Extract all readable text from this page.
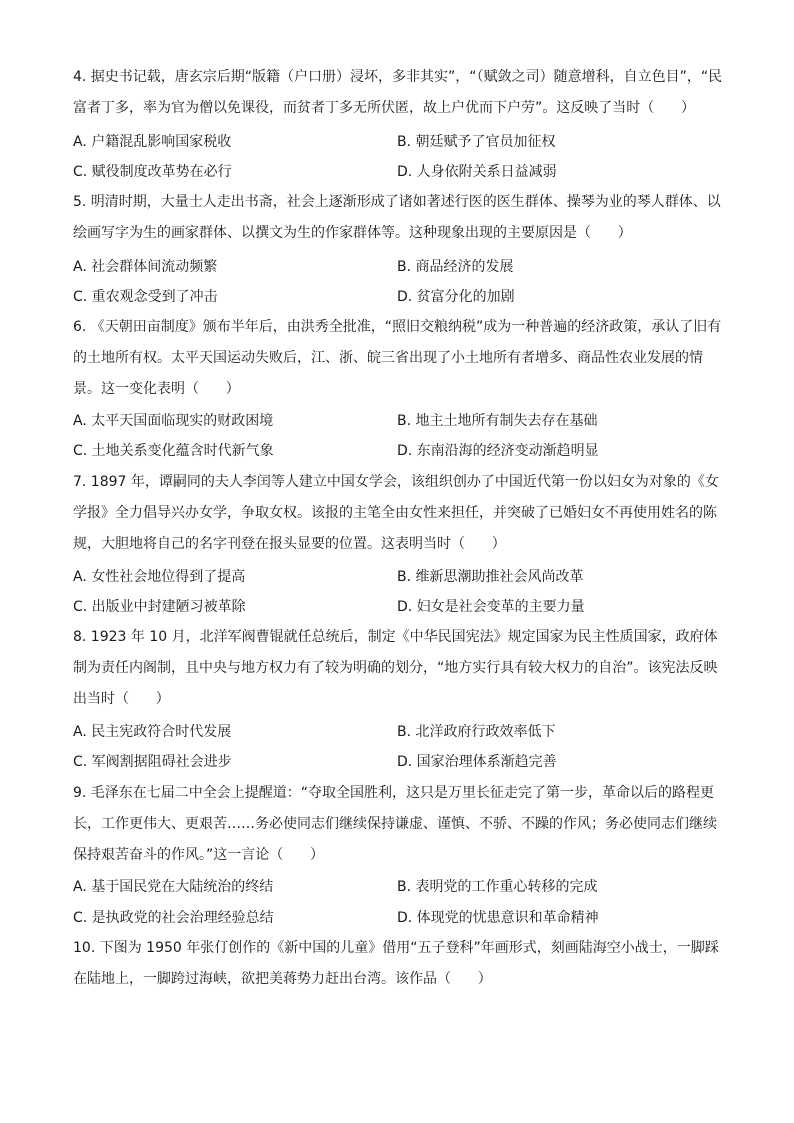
4. 据史书记载，唐玄宗后期“版籍（户口册）浸坏，多非其实”，“（赋敛之司）随意增科，自立色目”，“民富者丁多，率为官为僧以免课役，而贫者丁多无所伏匿，故上户优而下户劳”。这反映了当时（      ）
A. 户籍混乱影响国家税收	B. 朝廷赋予了官员加征权
C. 赋役制度改革势在必行	D. 人身依附关系日益减弱
5. 明清时期，大量士人走出书斋，社会上逐渐形成了诸如著述行医的医生群体、操琴为业的琴人群体、以绘画写字为生的画家群体、以撰文为生的作家群体等。这种现象出现的主要原因是（      ）
A. 社会群体间流动频繁	B. 商品经济的发展
C. 重农观念受到了冲击	D. 贫富分化的加剧
6. 《天朝田亩制度》颁布半年后，由洪秀全批准，“照旧交粮纳税”成为一种普遍的经济政策，承认了旧有的土地所有权。太平天国运动失败后，江、浙、皖三省出现了小土地所有者增多、商品性农业发展的情景。这一变化表明（      ）
A. 太平天国面临现实的财政困境	B. 地主土地所有制失去存在基础
C. 土地关系变化蕴含时代新气象	D. 东南沿海的经济变动渐趋明显
7. 1897 年，谭嗣同的夫人李闰等人建立中国女学会，该组织创办了中国近代第一份以妇女为对象的《女学报》全力倡导兴办女学，争取女权。该报的主笔全由女性来担任，并突破了已婚妇女不再使用姓名的陈规，大胆地将自己的名字刊登在报头显要的位置。这表明当时（      ）
A. 女性社会地位得到了提高	B. 维新思潮助推社会风尚改革
C. 出版业中封建陋习被革除	D. 妇女是社会变革的主要力量
8. 1923 年 10 月，北洋军阀曹锟就任总统后，制定《中华民国宪法》规定国家为民主性质国家，政府体制为责任内阁制，且中央与地方权力有了较为明确的划分，“地方实行具有较大权力的自治”。该宪法反映出当时（      ）
A. 民主宪政符合时代发展	B. 北洋政府行政效率低下
C. 军阀割据阻碍社会进步	D. 国家治理体系渐趋完善
9. 毛泽东在七届二中全会上提醒道：“夺取全国胜利，这只是万里长征走完了第一步，革命以后的路程更长，工作更伟大、更艰苦……务必使同志们继续保持谦虚、谨慎、不骄、不躁的作风；务必使同志们继续保持艰苦奋斗的作风。”这一言论（      ）
A. 基于国民党在大陆统治的终结	B. 表明党的工作重心转移的完成
C. 是执政党的社会治理经验总结	D. 体现党的忧患意识和革命精神
10. 下图为 1950 年张仃创作的《新中国的儿童》借用“五子登科”年画形式，刻画陆海空小战士，一脚踩在陆地上，一脚跨过海峡，欲把美蒋势力赶出台湾。该作品（      ）
